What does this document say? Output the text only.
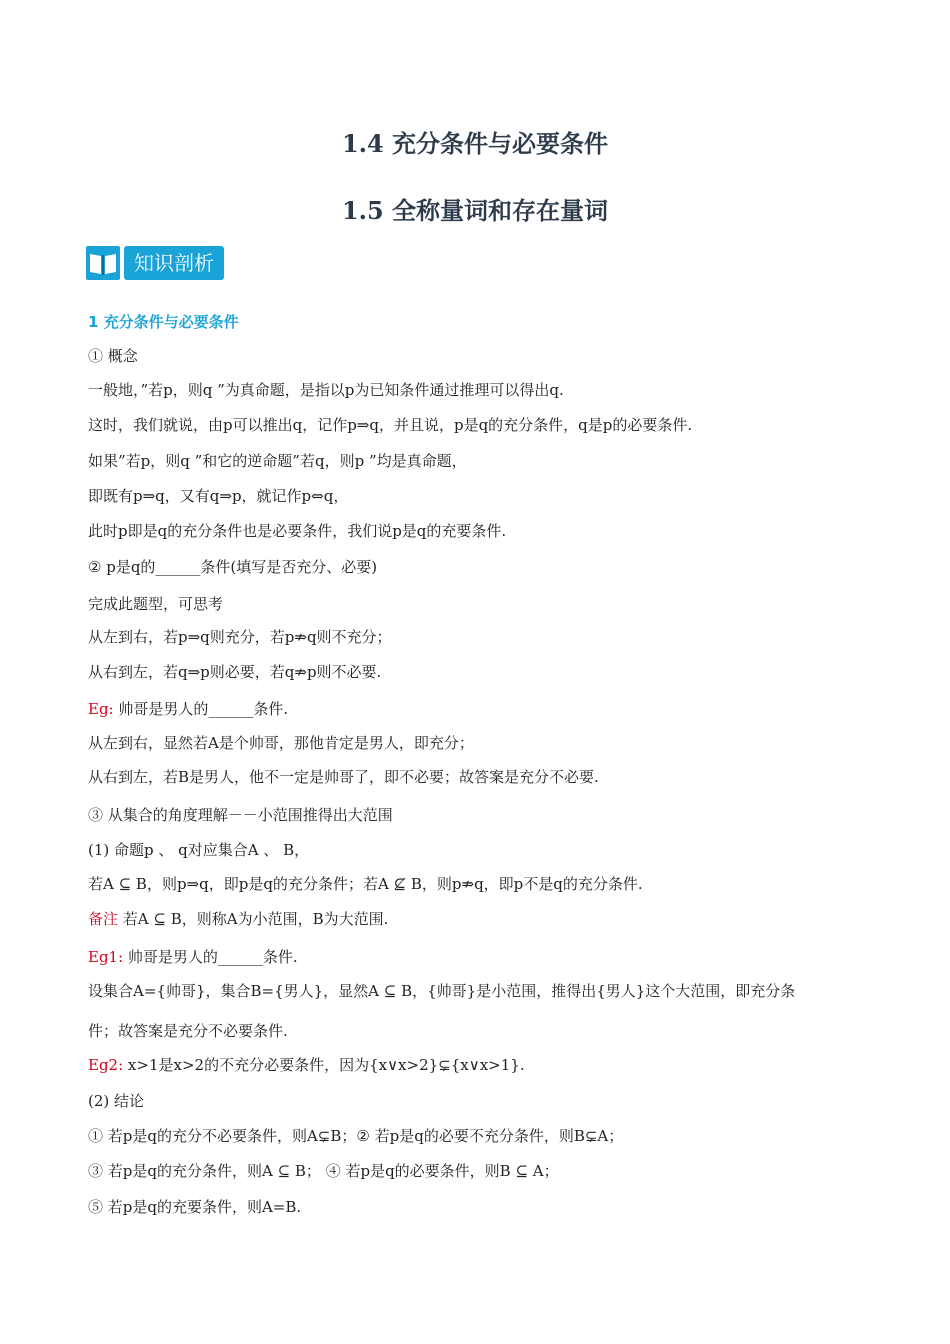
1.4 充分条件与必要条件
1.5 全称量词和存在量词
知识剖析
1 充分条件与必要条件
① 概念
一般地，”若p，则q ”为真命题，是指以p为已知条件通过推理可以得出q.
这时，我们就说，由p可以推出q，记作p⇒q，并且说，p是q的充分条件，q是p的必要条件.
如果”若p，则q ”和它的逆命题”若q，则p ”均是真命题，
即既有p⇒q，又有q⇒p，就记作p⇔q，
此时p即是q的充分条件也是必要条件，我们说p是q的充要条件.
② p是q的______条件(填写是否充分、必要)
完成此题型，可思考
从左到右，若p⇒q则充分，若p⇏q则不充分；
从右到左，若q⇒p则必要，若q⇏p则不必要.
Eg: 帅哥是男人的______条件.
从左到右，显然若A是个帅哥，那他肯定是男人，即充分；
从右到左，若B是男人，他不一定是帅哥了，即不必要；故答案是充分不必要.
③ 从集合的角度理解－－小范围推得出大范围
(1) 命题p 、 q对应集合A 、 B，
若A ⊆ B，则p⇒q，即p是q的充分条件；若A ⊈ B，则p⇏q，即p不是q的充分条件.
备注 若A ⊆ B，则称A为小范围，B为大范围.
Eg1: 帅哥是男人的______条件.
设集合A={帅哥}，集合B={男人}，显然A ⊆ B，{帅哥}是小范围，推得出{男人}这个大范围，即充分条
件；故答案是充分不必要条件.
Eg2: x>1是x>2的不充分必要条件，因为{x∨x>2}⊊{x∨x>1}.
(2) 结论
① 若p是q的充分不必要条件，则A⊊B；② 若p是q的必要不充分条件，则B⊊A；
③ 若p是q的充分条件，则A ⊆ B； ④ 若p是q的必要条件，则B ⊆ A；
⑤ 若p是q的充要条件，则A=B.
